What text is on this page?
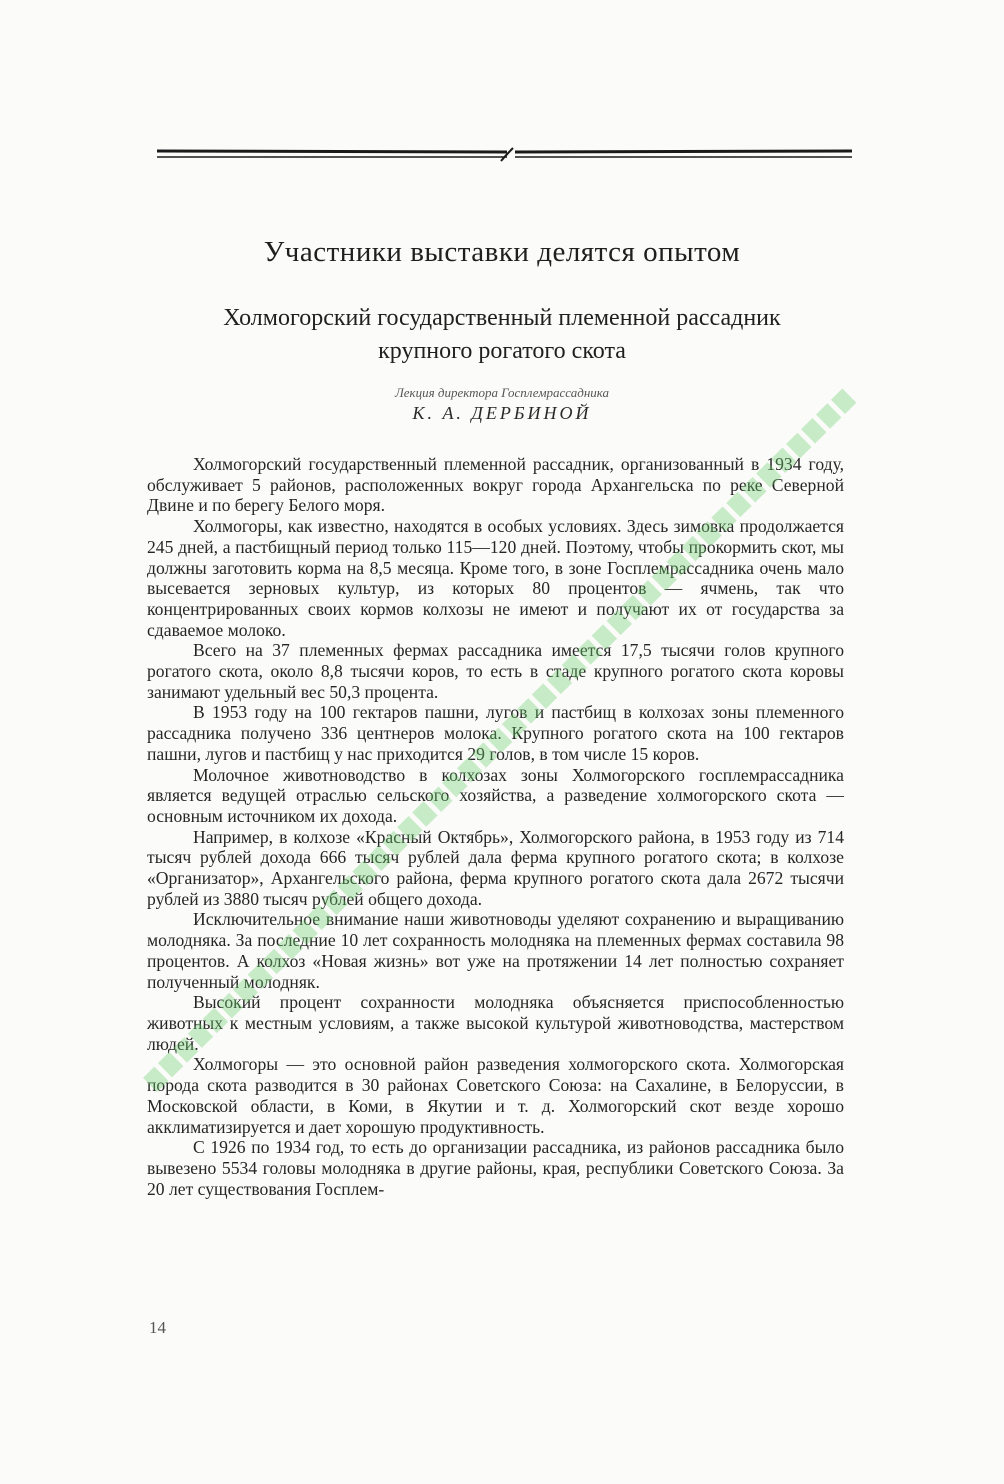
Участники выставки делятся опытом
Холмогорский государственный племенной рассадник
крупного рогатого скота
Лекция директора Госплемрассадника
К. А. ДЕРБИНОЙ

Холмогорский государственный племенной рассадник, организованный в 1934 году, обслуживает 5 районов, расположенных вокруг города Архангельска по реке Северной Двине и по берегу Белого моря.

Холмогоры, как известно, находятся в особых условиях. Здесь зимовка продолжается 245 дней, а пастбищный период только 115—120 дней. Поэтому, чтобы прокормить скот, мы должны заготовить корма на 8,5 месяца. Кроме того, в зоне Госплемрассадника очень мало высевается зерновых культур, из которых 80 процентов — ячмень, так что концентрированных своих кормов колхозы не имеют и получают их от государства за сдаваемое молоко.

Всего на 37 племенных фермах рассадника имеется 17,5 тысячи голов крупного рогатого скота, около 8,8 тысячи коров, то есть в стаде крупного рогатого скота коровы занимают удельный вес 50,3 процента.

В 1953 году на 100 гектаров пашни, лугов и пастбищ в колхозах зоны племенного рассадника получено 336 центнеров молока. Крупного рогатого скота на 100 гектаров пашни, лугов и пастбищ у нас приходится 29 голов, в том числе 15 коров.

Молочное животноводство в колхозах зоны Холмогорского госплемрассадника является ведущей отраслью сельского хозяйства, а разведение холмогорского скота — основным источником их дохода.

Например, в колхозе «Красный Октябрь», Холмогорского района, в 1953 году из 714 тысяч рублей дохода 666 тысяч рублей дала ферма крупного рогатого скота; в колхозе «Организатор», Архангельского района, ферма крупного рогатого скота дала 2672 тысячи рублей из 3880 тысяч рублей общего дохода.

Исключительное внимание наши животноводы уделяют сохранению и выращиванию молодняка. За последние 10 лет сохранность молодняка на племенных фермах составила 98 процентов. А колхоз «Новая жизнь» вот уже на протяжении 14 лет полностью сохраняет полученный молодняк.

Высокий процент сохранности молодняка объясняется приспособленностью животных к местным условиям, а также высокой культурой животноводства, мастерством людей.

Холмогоры — это основной район разведения холмогорского скота. Холмогорская порода скота разводится в 30 районах Советского Союза: на Сахалине, в Белоруссии, в Московской области, в Коми, в Якутии и т. д. Холмогорский скот везде хорошо акклиматизируется и дает хорошую продуктивность.

С 1926 по 1934 год, то есть до организации рассадника, из районов рассадника было вывезено 5534 головы молодняка в другие районы, края, республики Советского Союза. За 20 лет существования Госплем-

14
